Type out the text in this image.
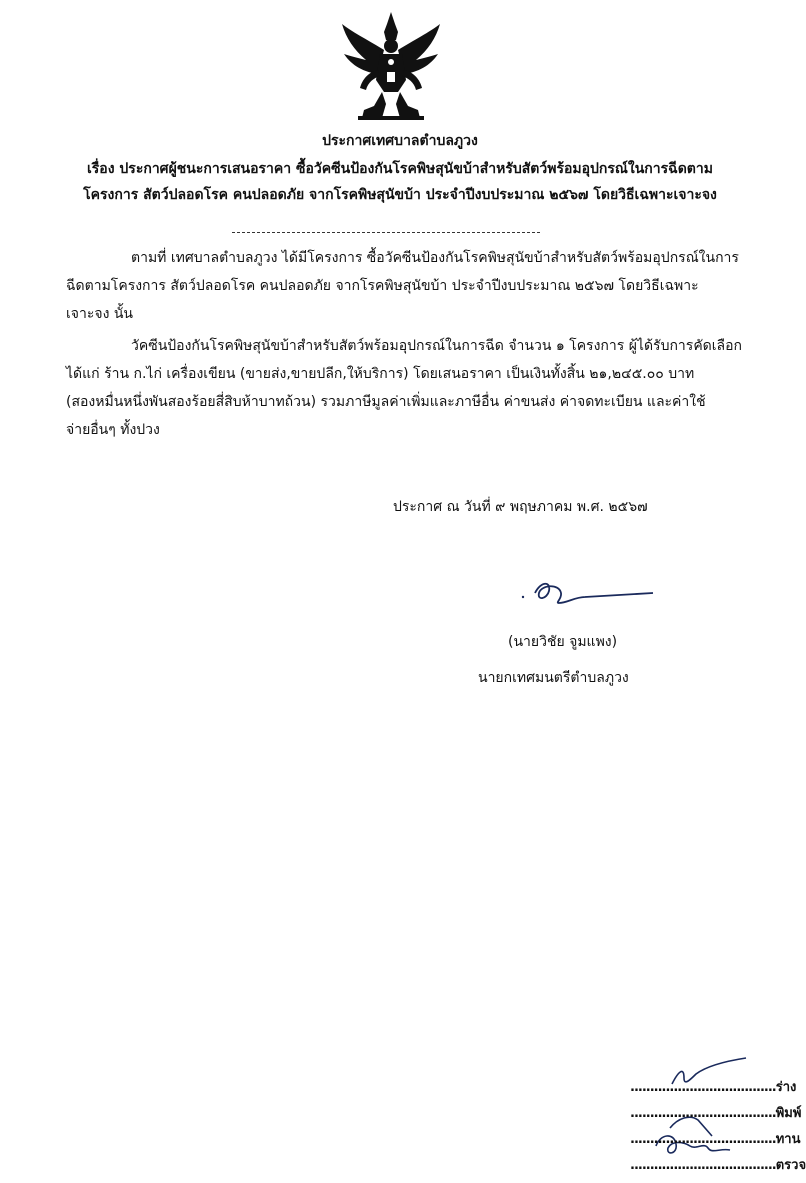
ประกาศเทศบาลตำบลภูวง
เรื่อง ประกาศผู้ชนะการเสนอราคา ซื้อวัคซีนป้องกันโรคพิษสุนัขบ้าสำหรับสัตว์พร้อมอุปกรณ์ในการฉีดตาม
โครงการ สัตว์ปลอดโรค คนปลอดภัย จากโรคพิษสุนัขบ้า ประจำปีงบประมาณ ๒๕๖๗ โดยวิธีเฉพาะเจาะจง
ตามที่ เทศบาลตำบลภูวง ได้มีโครงการ ซื้อวัคซีนป้องกันโรคพิษสุนัขบ้าสำหรับสัตว์พร้อมอุปกรณ์ในการ
ฉีดตามโครงการ สัตว์ปลอดโรค คนปลอดภัย จากโรคพิษสุนัขบ้า ประจำปีงบประมาณ ๒๕๖๗ โดยวิธีเฉพาะ
เจาะจง นั้น
วัคซีนป้องกันโรคพิษสุนัขบ้าสำหรับสัตว์พร้อมอุปกรณ์ในการฉีด จำนวน ๑ โครงการ ผู้ได้รับการคัดเลือก
ได้แก่ ร้าน ก.ไก่ เครื่องเขียน (ขายส่ง,ขายปลีก,ให้บริการ) โดยเสนอราคา เป็นเงินทั้งสิ้น ๒๑,๒๔๕.๐๐ บาท
(สองหมื่นหนึ่งพันสองร้อยสี่สิบห้าบาทถ้วน) รวมภาษีมูลค่าเพิ่มและภาษีอื่น ค่าขนส่ง ค่าจดทะเบียน และค่าใช้
จ่ายอื่นๆ ทั้งปวง
ประกาศ ณ วันที่ ๙ พฤษภาคม พ.ศ. ๒๕๖๗
(นายวิชัย จูมแพง)
นายกเทศมนตรีตำบลภูวง
.....................................ร่าง
.....................................พิมพ์
.....................................ทาน
.....................................ตรวจ
